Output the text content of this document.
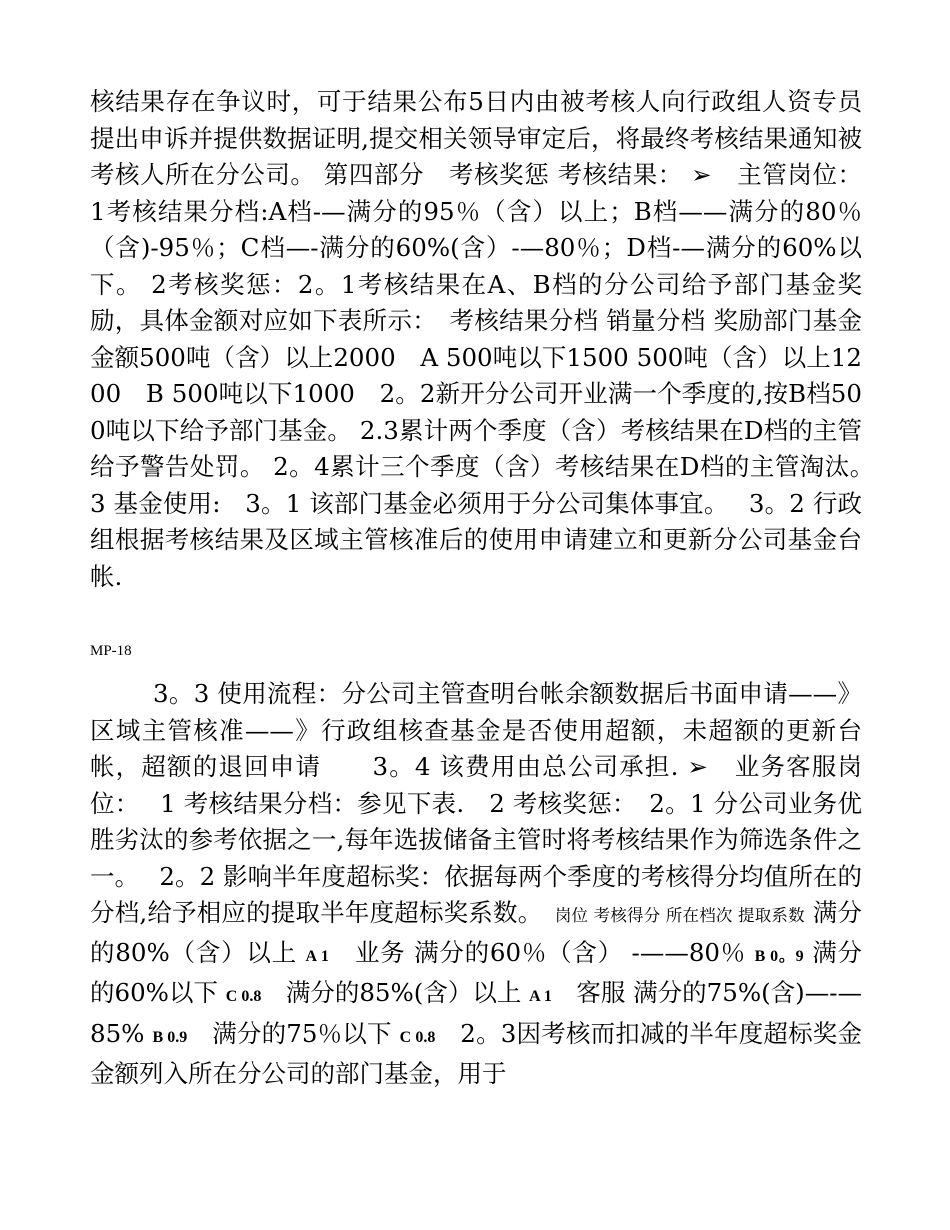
核结果存在争议时，可于结果公布5日内由被考核人向行政组人资专员提出申诉并提供数据证明,提交相关领导审定后，将最终考核结果通知被考核人所在分公司。 第四部分　考核奖惩 考核结果： ➢　主管岗位： 1考核结果分档:A档-—满分的95％（含）以上；B档——满分的80％（含)-95％；C档—-满分的60%(含）-—80％；D档-—满分的60%以下。 2考核奖惩：2。1考核结果在A、B档的分公司给予部门基金奖励，具体金额对应如下表所示：　考核结果分档 销量分档 奖励部门基金金额500吨（含）以上2000　A 500吨以下1500 500吨（含）以上1200　B 500吨以下1000　2。2新开分公司开业满一个季度的,按B档500吨以下给予部门基金。 2.3累计两个季度（含）考核结果在D档的主管给予警告处罚。 2。4累计三个季度（含）考核结果在D档的主管淘汰。　 3 基金使用:　3。1 该部门基金必须用于分公司集体事宜。　 3。2 行政组根据考核结果及区域主管核准后的使用申请建立和更新分公司基金台帐.
MP-18
3。3 使用流程：分公司主管查明台帐余额数据后书面申请——》区域主管核准——》行政组核查基金是否使用超额，未超额的更新台帐，超额的退回申请　　3。4 该费用由总公司承担. ➢　业务客服岗位：　 1 考核结果分档：参见下表.　2 考核奖惩：　2。1 分公司业务优胜劣汰的参考依据之一,每年选拔储备主管时将考核结果作为筛选条件之一。　 2。2 影响半年度超标奖：依据每两个季度的考核得分均值所在的分档,给予相应的提取半年度超标奖系数。　岗位 考核得分 所在档次 提取系数 满分的80%（含）以上 A 1　业务 满分的60％（含） -——80％ B 0。9 满分的60%以下 C 0.8　满分的85%(含）以上 A 1　客服 满分的75%(含)—-—85% B 0.9　满分的75％以下 C 0.8　2。3因考核而扣减的半年度超标奖金金额列入所在分公司的部门基金，用于
